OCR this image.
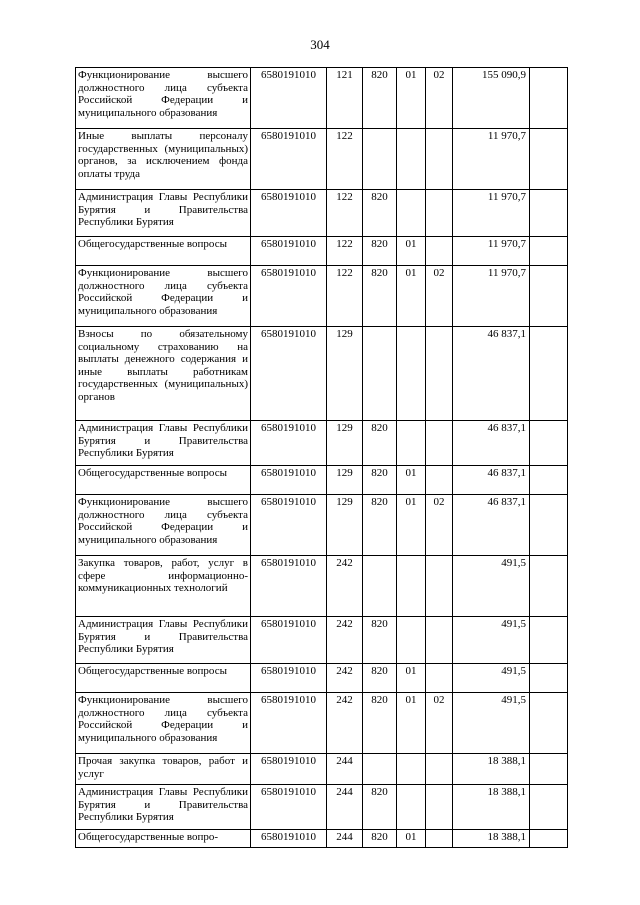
304
Функционирование высшего должностного лица субъекта Российской Федерации и муниципального образования	6580191010	121	820	01	02	155 090,9	
Иные выплаты персоналу государственных (муниципальных) органов, за исключением фонда оплаты труда	6580191010	122				11 970,7	
Администрация Главы Республики Бурятия и Правительства Республики Бурятия	6580191010	122	820			11 970,7	
Общегосударственные вопросы	6580191010	122	820	01		11 970,7	
Функционирование высшего должностного лица субъекта Российской Федерации и муниципального образования	6580191010	122	820	01	02	11 970,7	
Взносы по обязательному социальному страхованию на выплаты денежного содержания и иные выплаты работникам государственных (муниципальных) органов	6580191010	129				46 837,1	
Администрация Главы Республики Бурятия и Правительства Республики Бурятия	6580191010	129	820			46 837,1	
Общегосударственные вопросы	6580191010	129	820	01		46 837,1	
Функционирование высшего должностного лица субъекта Российской Федерации и муниципального образования	6580191010	129	820	01	02	46 837,1	
Закупка товаров, работ, услуг в сфере информационно-коммуникационных технологий	6580191010	242				491,5	
Администрация Главы Республики Бурятия и Правительства Республики Бурятия	6580191010	242	820			491,5	
Общегосударственные вопросы	6580191010	242	820	01		491,5	
Функционирование высшего должностного лица субъекта Российской Федерации и муниципального образования	6580191010	242	820	01	02	491,5	
Прочая закупка товаров, работ и услуг	6580191010	244				18 388,1	
Администрация Главы Республики Бурятия и Правительства Республики Бурятия	6580191010	244	820			18 388,1	
Общегосударственные вопро-	6580191010	244	820	01		18 388,1	
